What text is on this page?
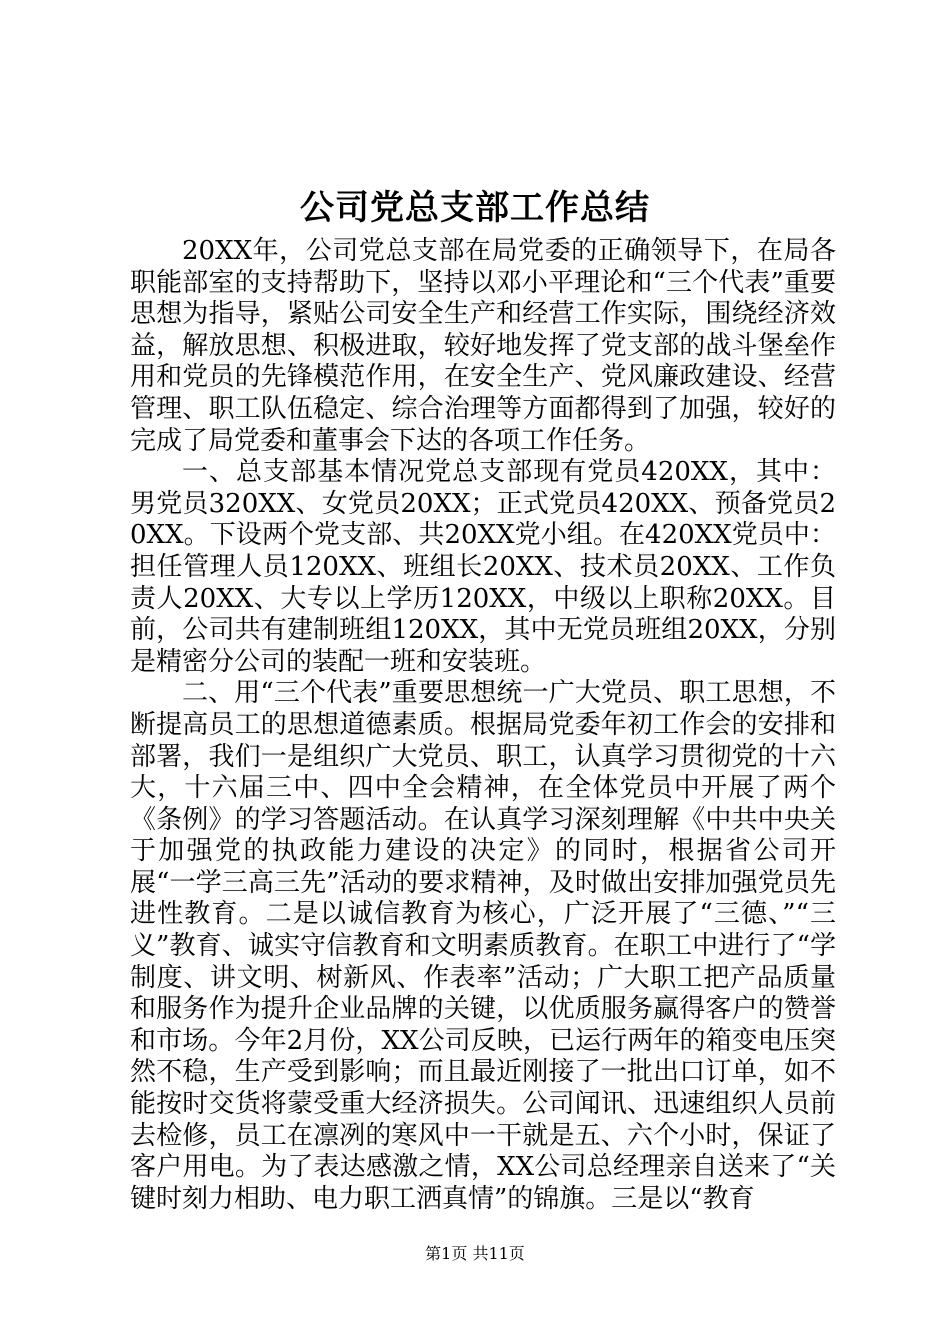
公司党总支部工作总结

20XX年，公司党总支部在局党委的正确领导下，在局各职能部室的支持帮助下，坚持以邓小平理论和“三个代表”重要思想为指导，紧贴公司安全生产和经营工作实际，围绕经济效益，解放思想、积极进取，较好地发挥了党支部的战斗堡垒作用和党员的先锋模范作用，在安全生产、党风廉政建设、经营管理、职工队伍稳定、综合治理等方面都得到了加强，较好的完成了局党委和董事会下达的各项工作任务。

一、总支部基本情况党总支部现有党员420XX，其中：男党员320XX、女党员20XX；正式党员420XX、预备党员20XX。下设两个党支部、共20XX党小组。在420XX党员中：担任管理人员120XX、班组长20XX、技术员20XX、工作负责人20XX、大专以上学历120XX，中级以上职称20XX。目前，公司共有建制班组120XX，其中无党员班组20XX，分别是精密分公司的装配一班和安装班。

二、用“三个代表”重要思想统一广大党员、职工思想，不断提高员工的思想道德素质。根据局党委年初工作会的安排和部署，我们一是组织广大党员、职工，认真学习贯彻党的十六大，十六届三中、四中全会精神，在全体党员中开展了两个《条例》的学习答题活动。在认真学习深刻理解《中共中央关于加强党的执政能力建设的决定》的同时，根据省公司开展“一学三高三先”活动的要求精神，及时做出安排加强党员先进性教育。二是以诚信教育为核心，广泛开展了“三德、”“三义”教育、诚实守信教育和文明素质教育。在职工中进行了“学制度、讲文明、树新风、作表率”活动；广大职工把产品质量和服务作为提升企业品牌的关键，以优质服务赢得客户的赞誉和市场。今年2月份，XX公司反映，已运行两年的箱变电压突然不稳，生产受到影响；而且最近刚接了一批出口订单，如不能按时交货将蒙受重大经济损失。公司闻讯、迅速组织人员前去检修，员工在凛冽的寒风中一干就是五、六个小时，保证了客户用电。为了表达感激之情，XX公司总经理亲自送来了“关键时刻力相助、电力职工洒真情”的锦旗。三是以“教育

第1页 共11页
